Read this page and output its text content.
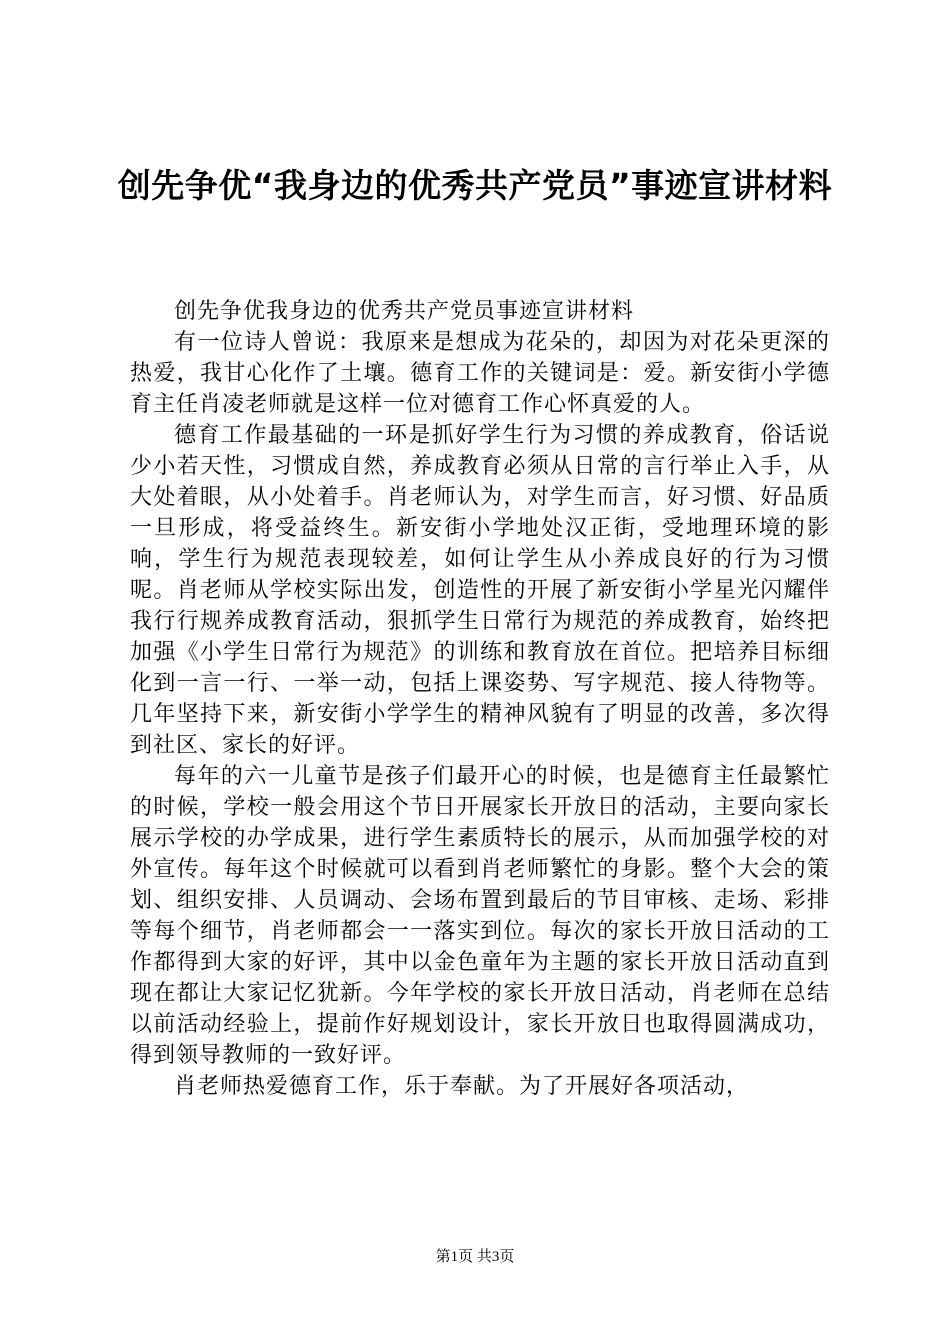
创先争优“我身边的优秀共产党员”事迹宣讲材料

创先争优我身边的优秀共产党员事迹宣讲材料

有一位诗人曾说：我原来是想成为花朵的，却因为对花朵更深的热爱，我甘心化作了土壤。德育工作的关键词是：爱。新安街小学德育主任肖凌老师就是这样一位对德育工作心怀真爱的人。

德育工作最基础的一环是抓好学生行为习惯的养成教育，俗话说少小若天性，习惯成自然，养成教育必须从日常的言行举止入手，从大处着眼，从小处着手。肖老师认为，对学生而言，好习惯、好品质一旦形成，将受益终生。新安街小学地处汉正街，受地理环境的影响，学生行为规范表现较差，如何让学生从小养成良好的行为习惯呢。肖老师从学校实际出发，创造性的开展了新安街小学星光闪耀伴我行行规养成教育活动，狠抓学生日常行为规范的养成教育，始终把加强《小学生日常行为规范》的训练和教育放在首位。把培养目标细化到一言一行、一举一动，包括上课姿势、写字规范、接人待物等。几年坚持下来，新安街小学学生的精神风貌有了明显的改善，多次得到社区、家长的好评。

每年的六一儿童节是孩子们最开心的时候，也是德育主任最繁忙的时候，学校一般会用这个节日开展家长开放日的活动，主要向家长展示学校的办学成果，进行学生素质特长的展示，从而加强学校的对外宣传。每年这个时候就可以看到肖老师繁忙的身影。整个大会的策划、组织安排、人员调动、会场布置到最后的节目审核、走场、彩排等每个细节，肖老师都会一一落实到位。每次的家长开放日活动的工作都得到大家的好评，其中以金色童年为主题的家长开放日活动直到现在都让大家记忆犹新。今年学校的家长开放日活动，肖老师在总结以前活动经验上，提前作好规划设计，家长开放日也取得圆满成功，得到领导教师的一致好评。

肖老师热爱德育工作，乐于奉献。为了开展好各项活动，

第1页 共3页
